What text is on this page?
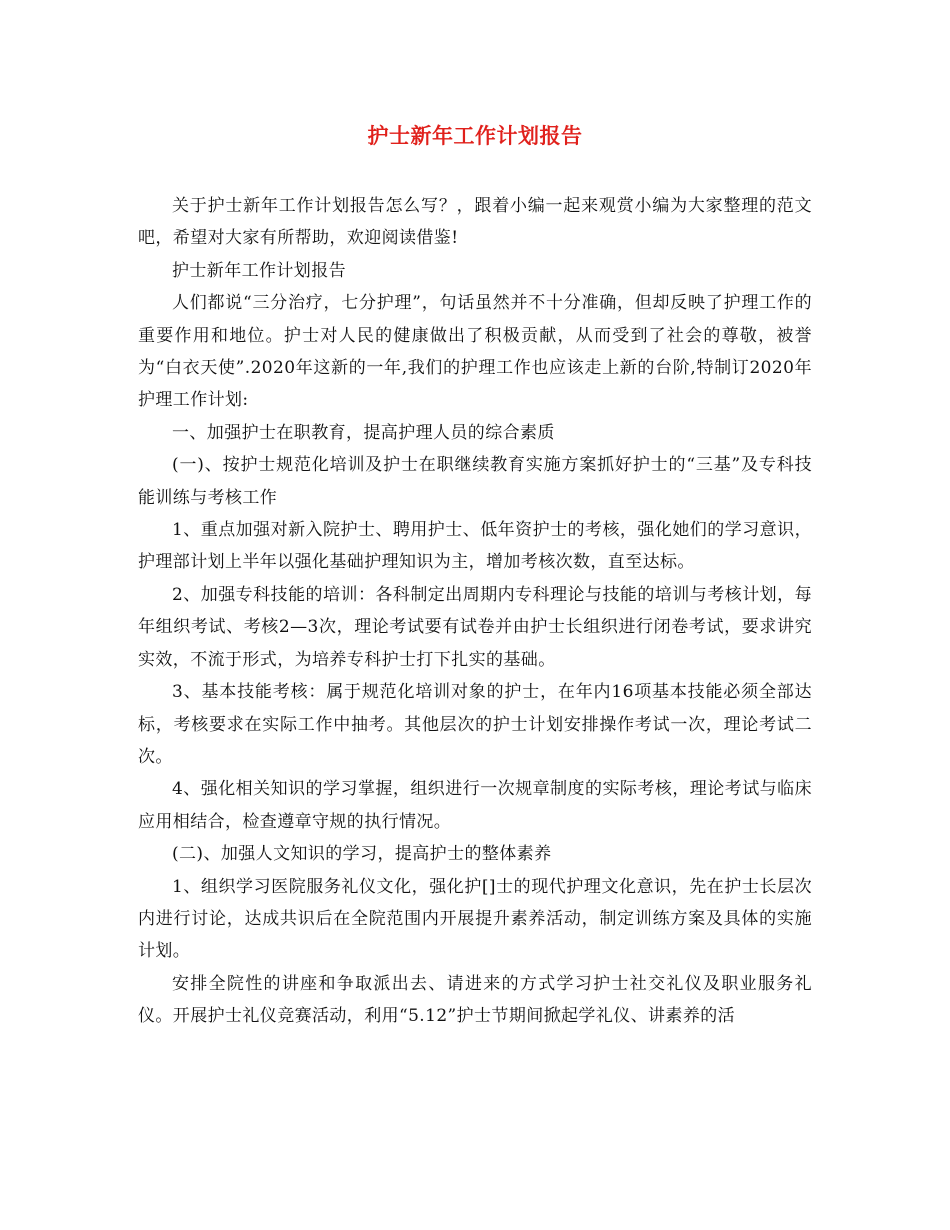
护士新年工作计划报告

关于护士新年工作计划报告怎么写？，跟着小编一起来观赏小编为大家整理的范文吧，希望对大家有所帮助，欢迎阅读借鉴!

护士新年工作计划报告

人们都说“三分治疗，七分护理”，句话虽然并不十分准确，但却反映了护理工作的重要作用和地位。护士对人民的健康做出了积极贡献，从而受到了社会的尊敬，被誉为“白衣天使”.2020年这新的一年,我们的护理工作也应该走上新的台阶,特制订2020年护理工作计划:

一、加强护士在职教育，提高护理人员的综合素质

(一)、按护士规范化培训及护士在职继续教育实施方案抓好护士的“三基”及专科技能训练与考核工作

1、重点加强对新入院护士、聘用护士、低年资护士的考核，强化她们的学习意识，护理部计划上半年以强化基础护理知识为主，增加考核次数，直至达标。

2、加强专科技能的培训：各科制定出周期内专科理论与技能的培训与考核计划，每年组织考试、考核2—3次，理论考试要有试卷并由护士长组织进行闭卷考试，要求讲究实效，不流于形式，为培养专科护士打下扎实的基础。

3、基本技能考核：属于规范化培训对象的护士，在年内16项基本技能必须全部达标，考核要求在实际工作中抽考。其他层次的护士计划安排操作考试一次，理论考试二次。

4、强化相关知识的学习掌握，组织进行一次规章制度的实际考核，理论考试与临床应用相结合，检查遵章守规的执行情况。

(二)、加强人文知识的学习，提高护士的整体素养

1、组织学习医院服务礼仪文化，强化护[]士的现代护理文化意识，先在护士长层次内进行讨论，达成共识后在全院范围内开展提升素养活动，制定训练方案及具体的实施计划。

安排全院性的讲座和争取派出去、请进来的方式学习护士社交礼仪及职业服务礼仪。开展护士礼仪竞赛活动，利用“5.12”护士节期间掀起学礼仪、讲素养的活
